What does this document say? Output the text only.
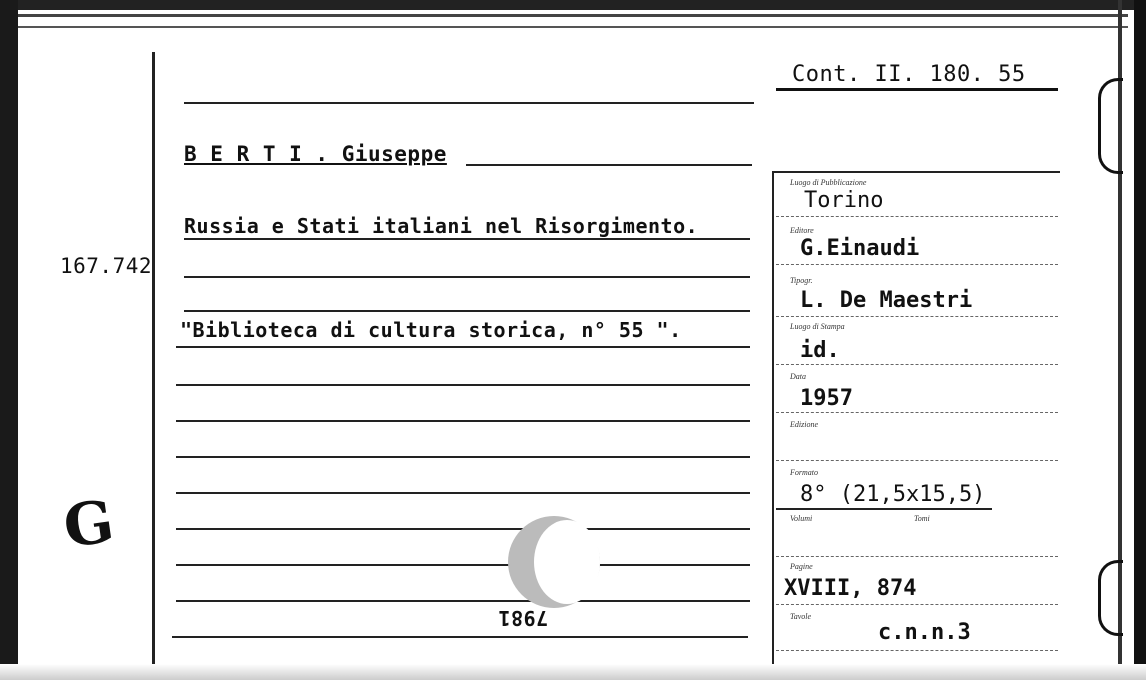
Cont. II. 180. 55
B E R T I . Giuseppe
Russia e Stati italiani nel Risorgimento.
167.742
"Biblioteca di cultura storica, n° 55 ".
G
7981
Luogo di Pubblicazione
Torino
Editore
G.Einaudi
Tipogr.
L. De Maestri
Luogo di Stampa
id.
Data
1957
Edizione
Formato
8° (21,5x15,5)
Volumi	Tomi
Pagine
XVIII, 874
Tavole
c.n.n.3
